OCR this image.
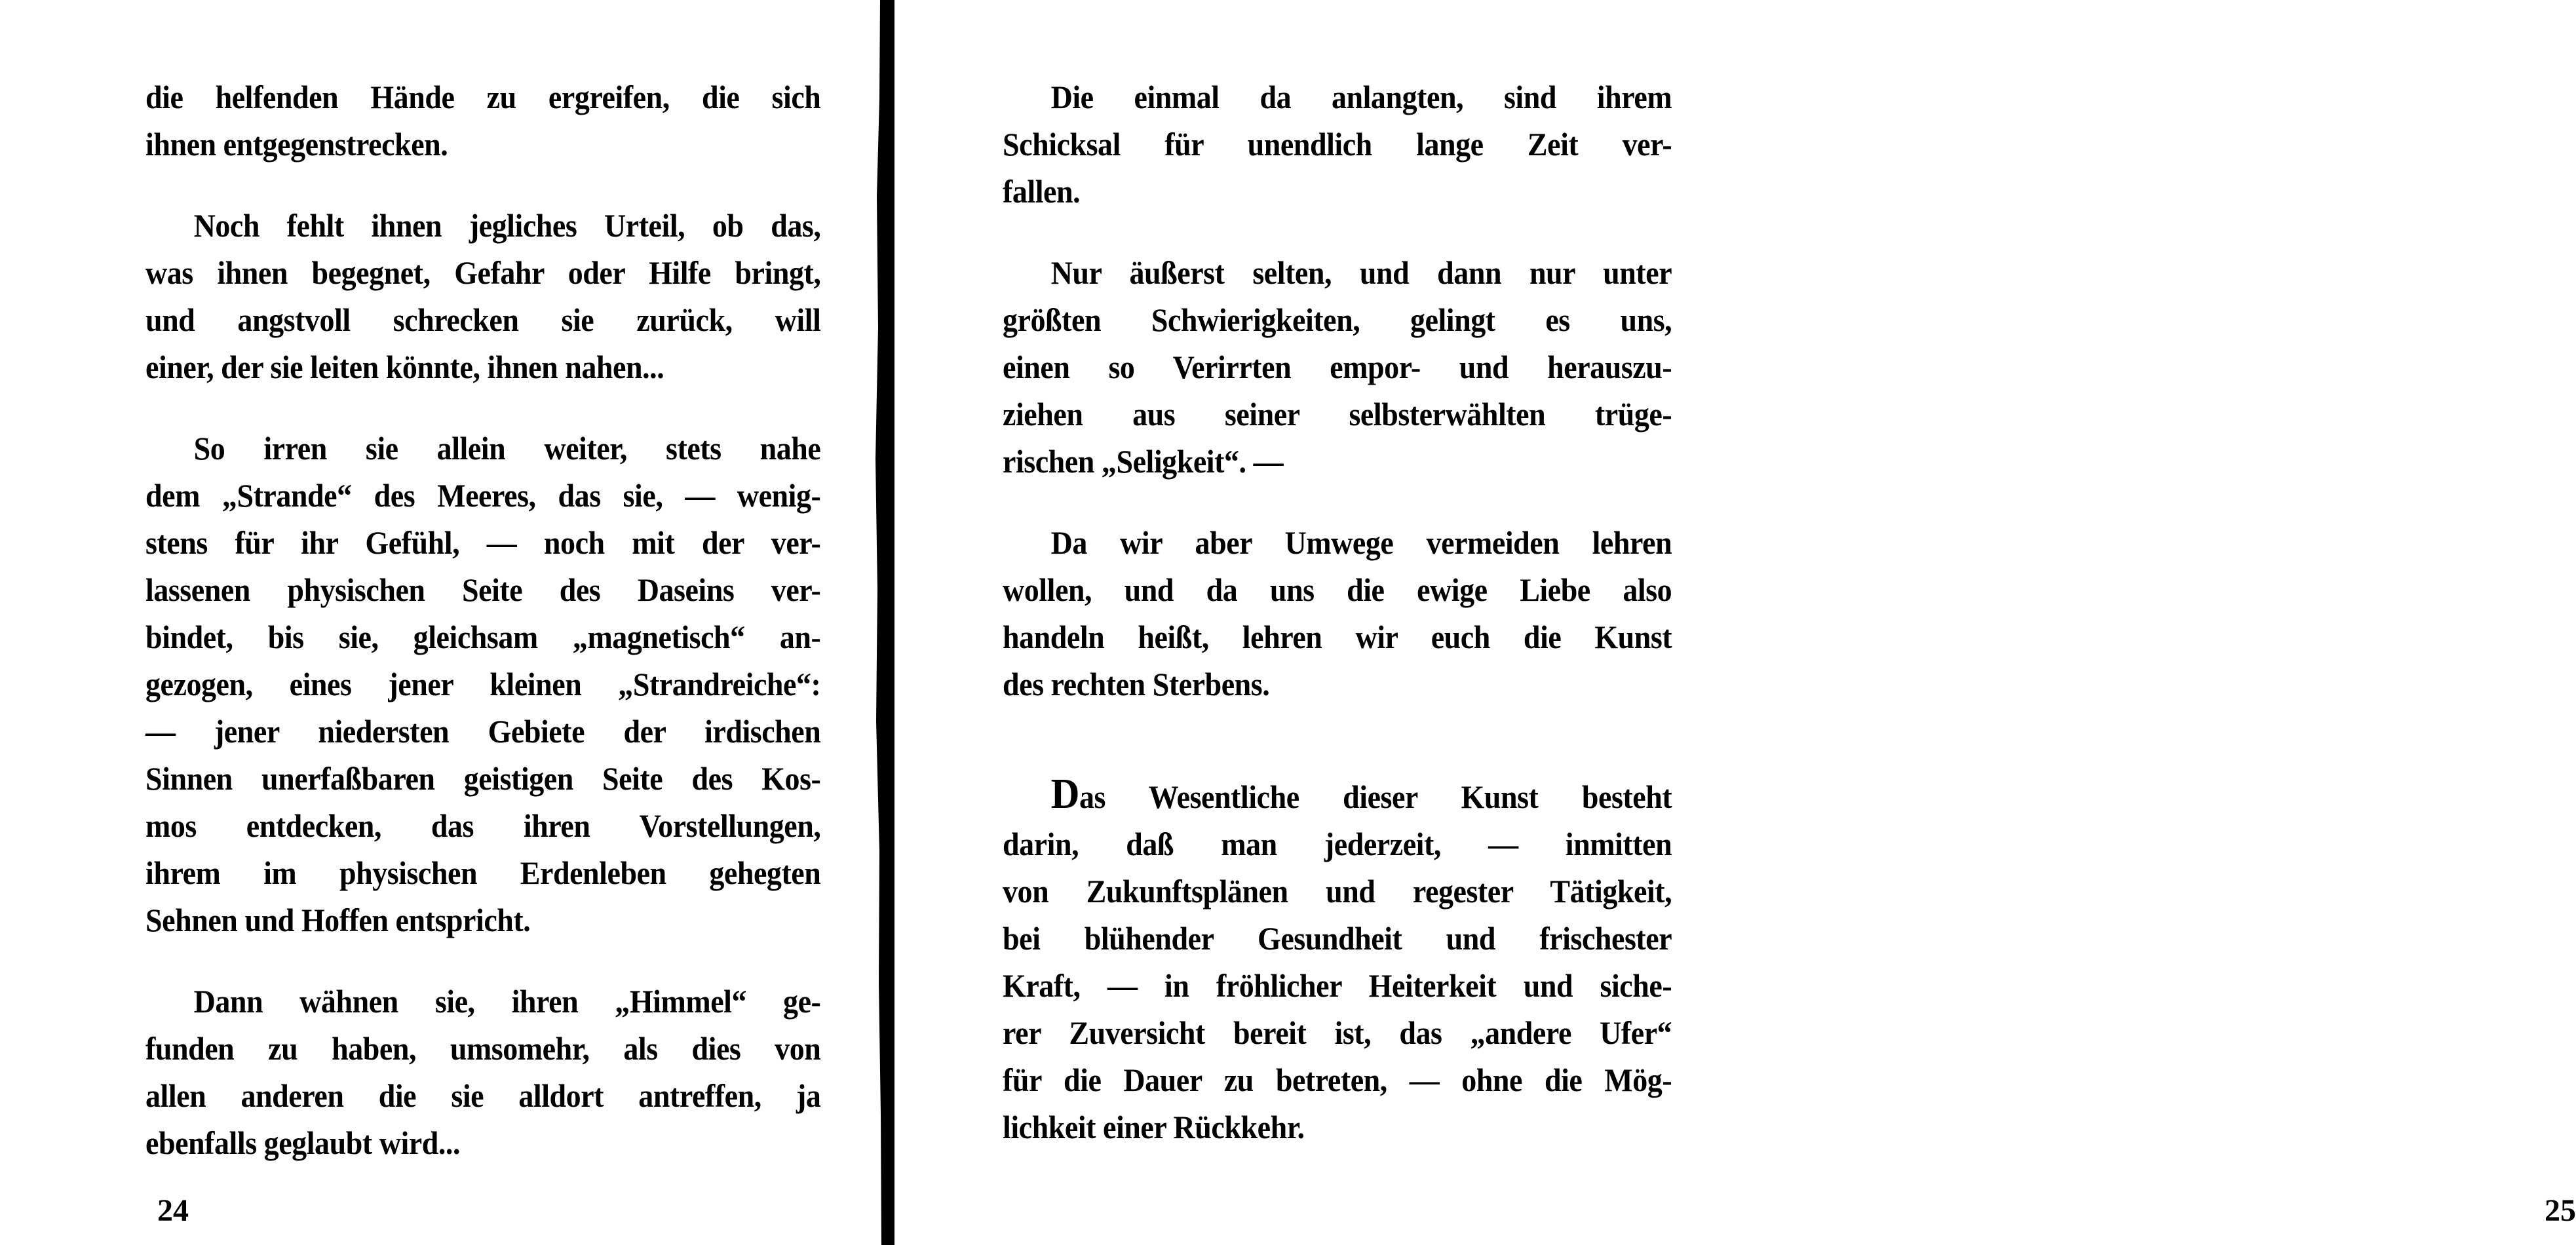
die helfenden Hände zu ergreifen, die sich
ihnen entgegenstrecken.

Noch fehlt ihnen jegliches Urteil, ob das,
was ihnen begegnet, Gefahr oder Hilfe bringt,
und angstvoll schrecken sie zurück, will
einer, der sie leiten könnte, ihnen nahen...

So irren sie allein weiter, stets nahe
dem „Strande“ des Meeres, das sie, — wenig-
stens für ihr Gefühl, — noch mit der ver-
lassenen physischen Seite des Daseins ver-
bindet, bis sie, gleichsam „magnetisch“ an-
gezogen, eines jener kleinen „Strandreiche“:
— jener niedersten Gebiete der irdischen
Sinnen unerfaßbaren geistigen Seite des Kos-
mos entdecken, das ihren Vorstellungen,
ihrem im physischen Erdenleben gehegten
Sehnen und Hoffen entspricht.

Dann wähnen sie, ihren „Himmel“ ge-
funden zu haben, umsomehr, als dies von
allen anderen die sie alldort antreffen, ja
ebenfalls geglaubt wird...

24

Die einmal da anlangten, sind ihrem
Schicksal für unendlich lange Zeit ver-
fallen.

Nur äußerst selten, und dann nur unter
größten Schwierigkeiten, gelingt es uns,
einen so Verirrten empor- und herauszu-
ziehen aus seiner selbsterwählten trüge-
rischen „Seligkeit“. —

Da wir aber Umwege vermeiden lehren
wollen, und da uns die ewige Liebe also
handeln heißt, lehren wir euch die Kunst
des rechten Sterbens.

Das Wesentliche dieser Kunst besteht
darin, daß man jederzeit, — inmitten
von Zukunftsplänen und regester Tätigkeit,
bei blühender Gesundheit und frischester
Kraft, — in fröhlicher Heiterkeit und siche-
rer Zuversicht bereit ist, das „andere Ufer“
für die Dauer zu betreten, — ohne die Mög-
lichkeit einer Rückkehr.

25
